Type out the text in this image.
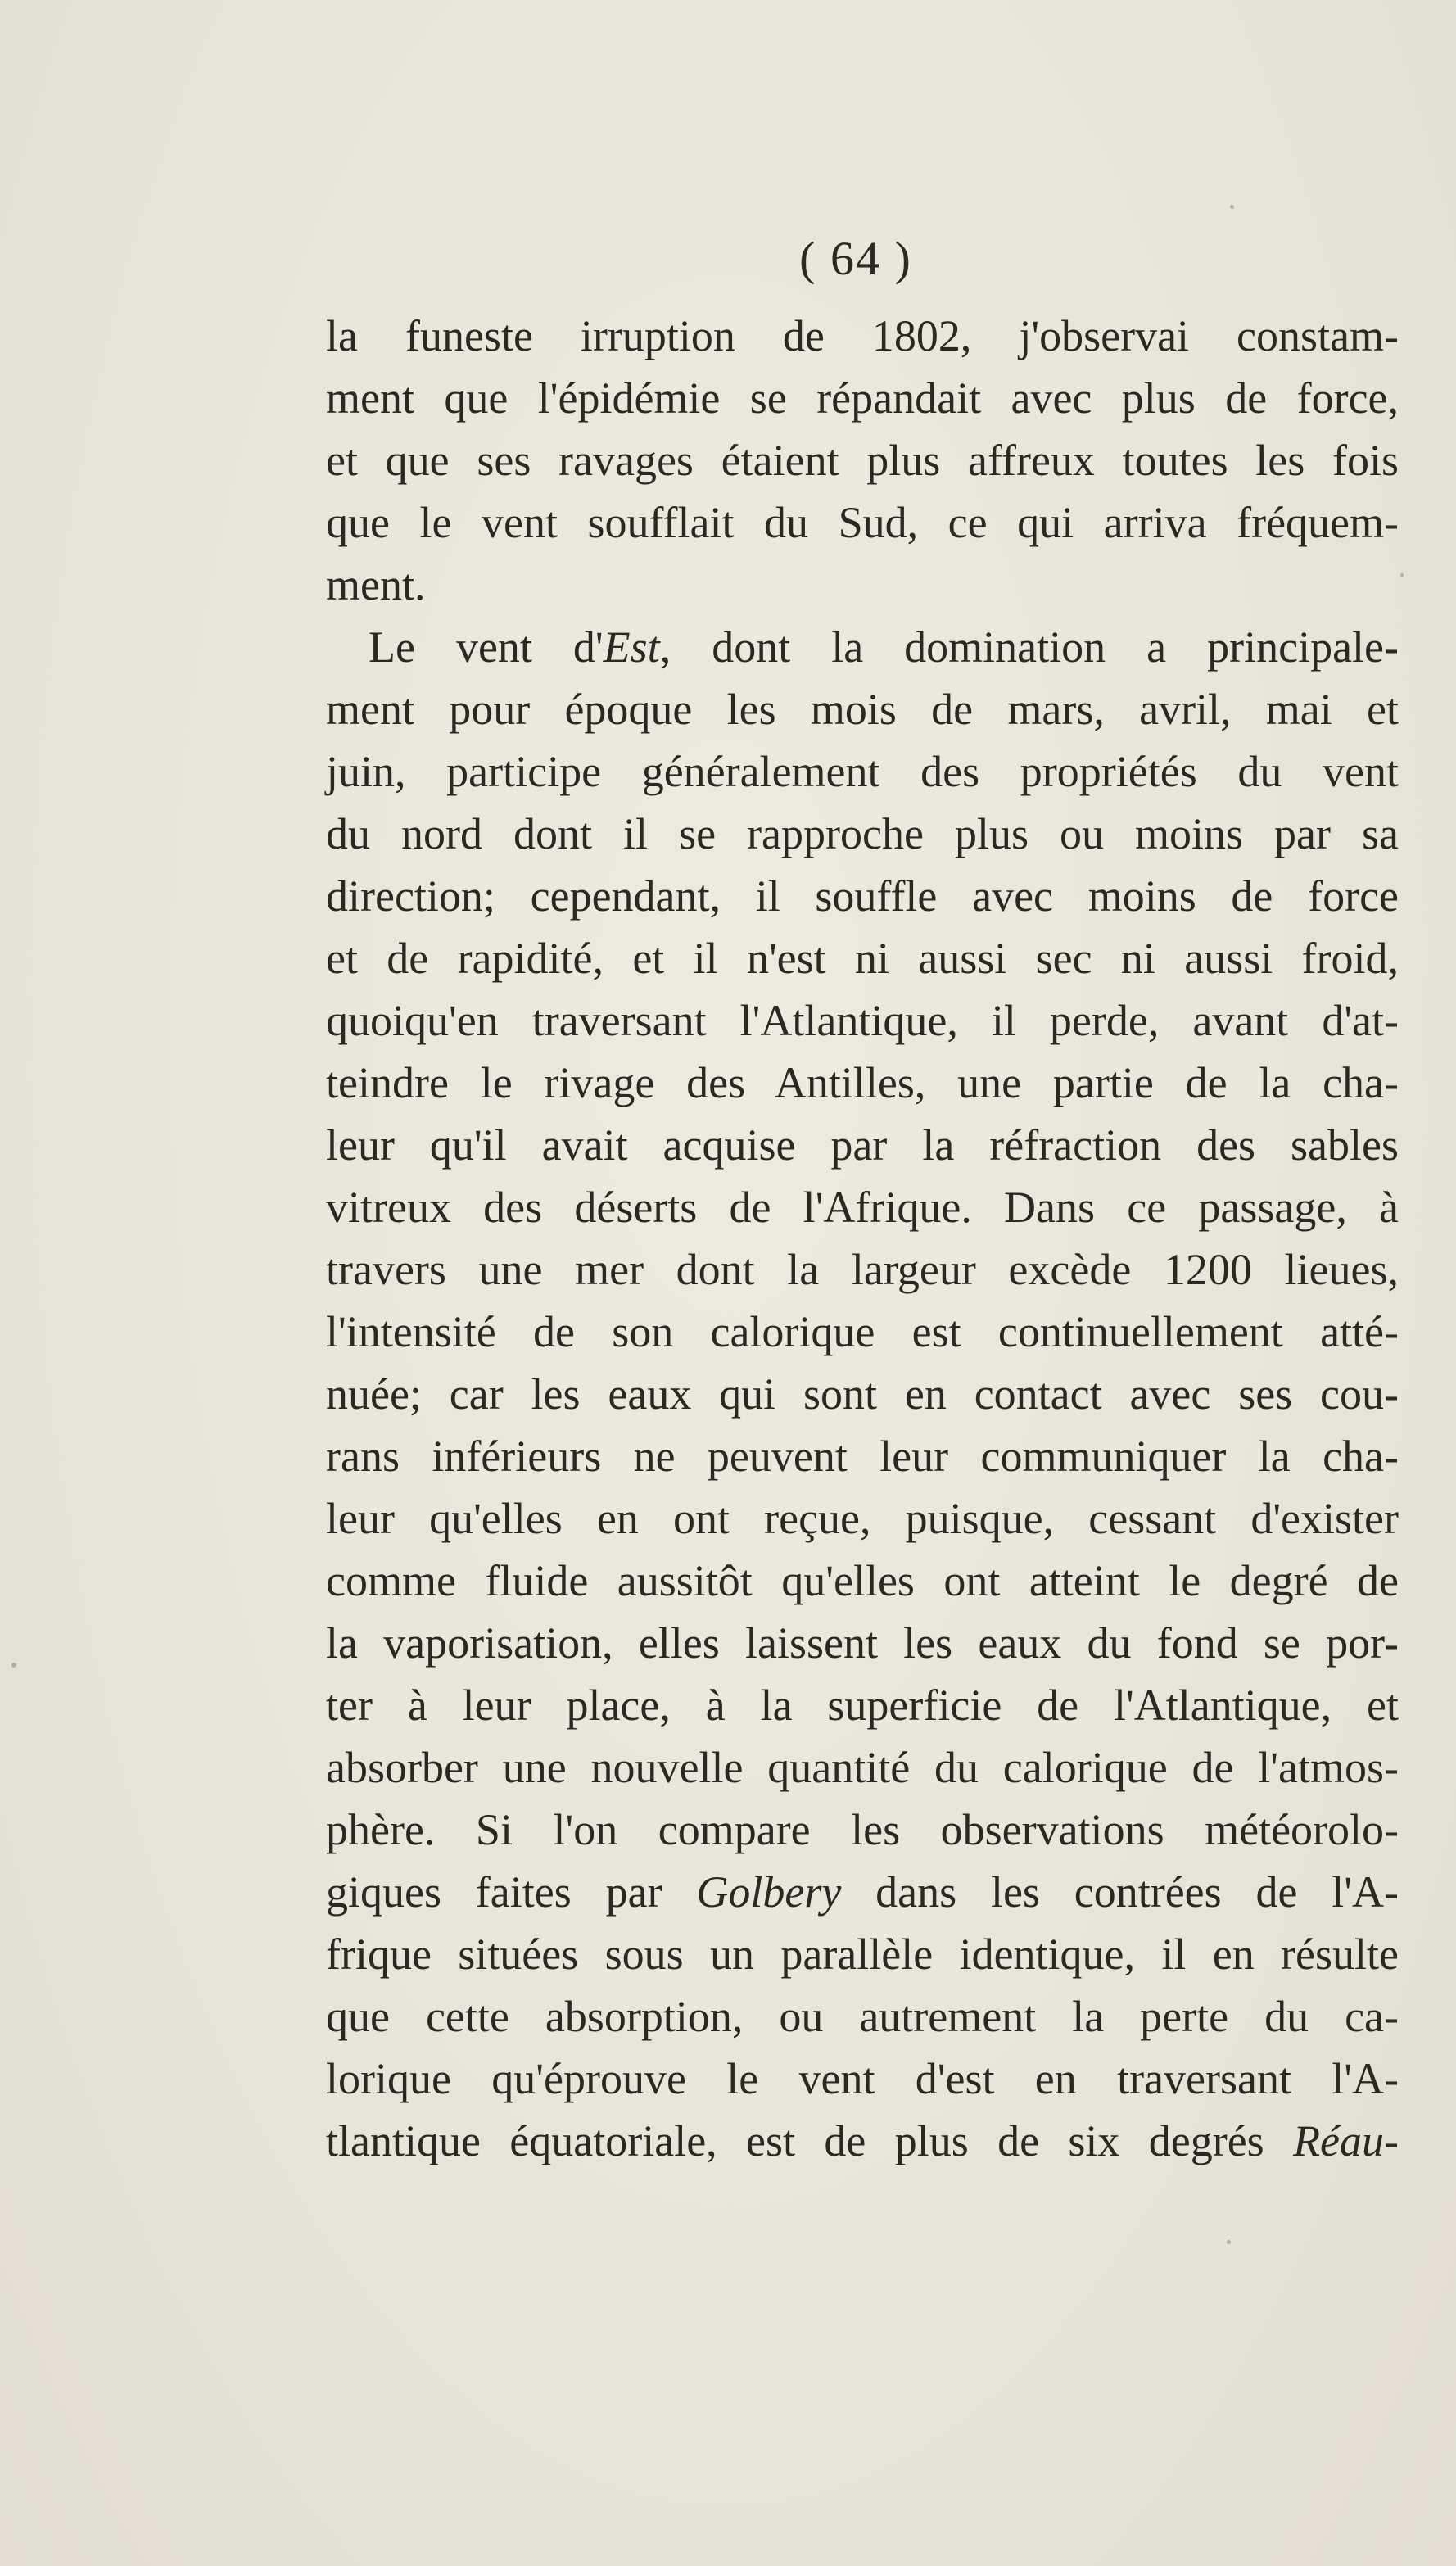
( 64 )
la funeste irruption de 1802, j'observai constam-
ment que l'épidémie se répandait avec plus de force,
et que ses ravages étaient plus affreux toutes les fois
que le vent soufflait du Sud, ce qui arriva fréquem-
ment.
Le vent d'Est, dont la domination a principale-
ment pour époque les mois de mars, avril, mai et
juin, participe généralement des propriétés du vent
du nord dont il se rapproche plus ou moins par sa
direction; cependant, il souffle avec moins de force
et de rapidité, et il n'est ni aussi sec ni aussi froid,
quoiqu'en traversant l'Atlantique, il perde, avant d'at-
teindre le rivage des Antilles, une partie de la cha-
leur qu'il avait acquise par la réfraction des sables
vitreux des déserts de l'Afrique. Dans ce passage, à
travers une mer dont la largeur excède 1200 lieues,
l'intensité de son calorique est continuellement atté-
nuée; car les eaux qui sont en contact avec ses cou-
rans inférieurs ne peuvent leur communiquer la cha-
leur qu'elles en ont reçue, puisque, cessant d'exister
comme fluide aussitôt qu'elles ont atteint le degré de
la vaporisation, elles laissent les eaux du fond se por-
ter à leur place, à la superficie de l'Atlantique, et
absorber une nouvelle quantité du calorique de l'atmos-
phère. Si l'on compare les observations météorolo-
giques faites par Golbery dans les contrées de l'A-
frique situées sous un parallèle identique, il en résulte
que cette absorption, ou autrement la perte du ca-
lorique qu'éprouve le vent d'est en traversant l'A-
tlantique équatoriale, est de plus de six degrés Réau-
